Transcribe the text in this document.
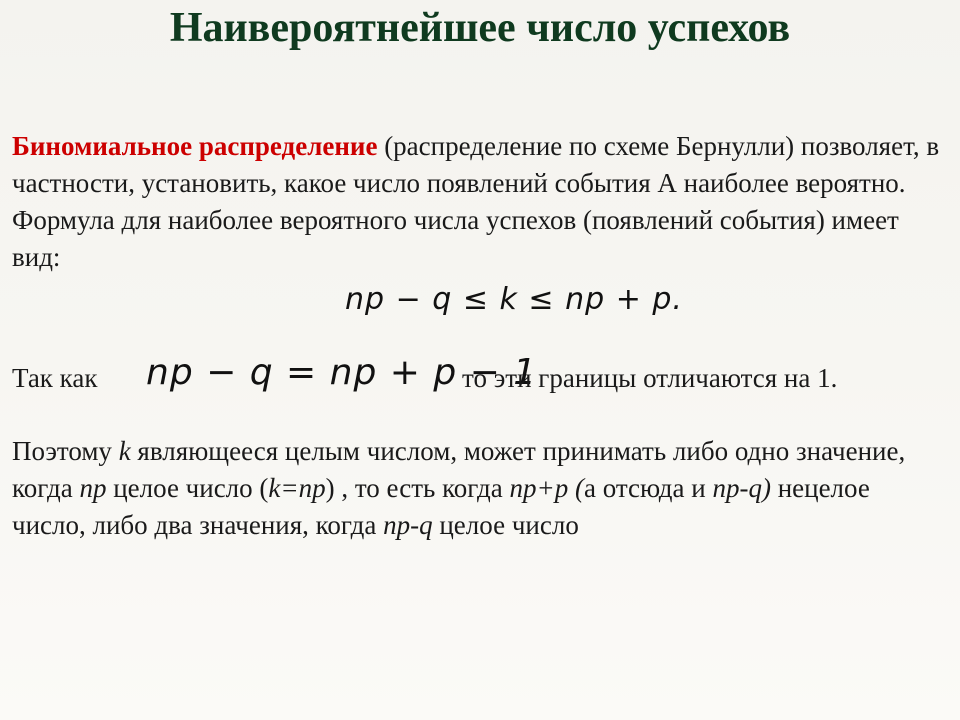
Наивероятнейшее число успехов
Биномиальное распределение (распределение по схеме Бернулли) позволяет, в частности, установить, какое число появлений события А наиболее вероятно. Формула для наиболее вероятного числа успехов (появлений события) имеет вид:
np − q ≤ k ≤ np + p.
Так как np − q = np + p − 1
то эти границы отличаются на 1.
Поэтому k являющееся целым числом, может принимать либо одно значение, когда np целое число (k=np) , то есть когда np+p (а отсюда и np-q) нецелое число, либо два значения, когда np-q целое число
